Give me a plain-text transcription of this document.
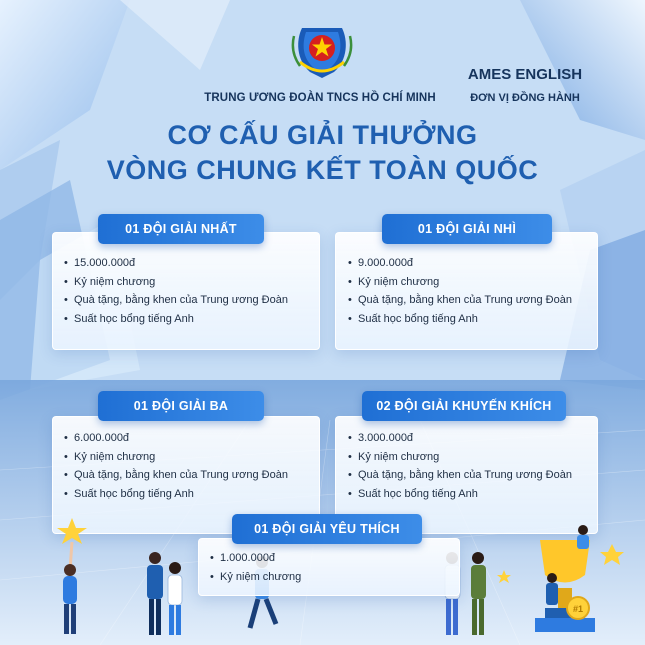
TRUNG ƯƠNG ĐOÀN TNCS HỒ CHÍ MINH
AMES ENGLISH
ĐƠN VỊ ĐỒNG HÀNH
CƠ CẤU GIẢI THƯỞNG
VÒNG CHUNG KẾT TOÀN QUỐC
01 ĐỘI GIẢI NHẤT
• 15.000.000đ
• Kỷ niệm chương
• Quà tặng, bằng khen của Trung ương Đoàn
• Suất học bổng tiếng Anh
01 ĐỘI GIẢI NHÌ
• 9.000.000đ
• Kỷ niệm chương
• Quà tặng, bằng khen của Trung ương Đoàn
• Suất học bổng tiếng Anh
01 ĐỘI GIẢI BA
• 6.000.000đ
• Kỷ niệm chương
• Quà tặng, bằng khen của Trung ương Đoàn
• Suất học bổng tiếng Anh
02 ĐỘI GIẢI KHUYẾN KHÍCH
• 3.000.000đ
• Kỷ niệm chương
• Quà tặng, bằng khen của Trung ương Đoàn
• Suất học bổng tiếng Anh
#1
01 ĐỘI GIẢI YÊU THÍCH
• 1.000.000đ
• Kỷ niệm chương
